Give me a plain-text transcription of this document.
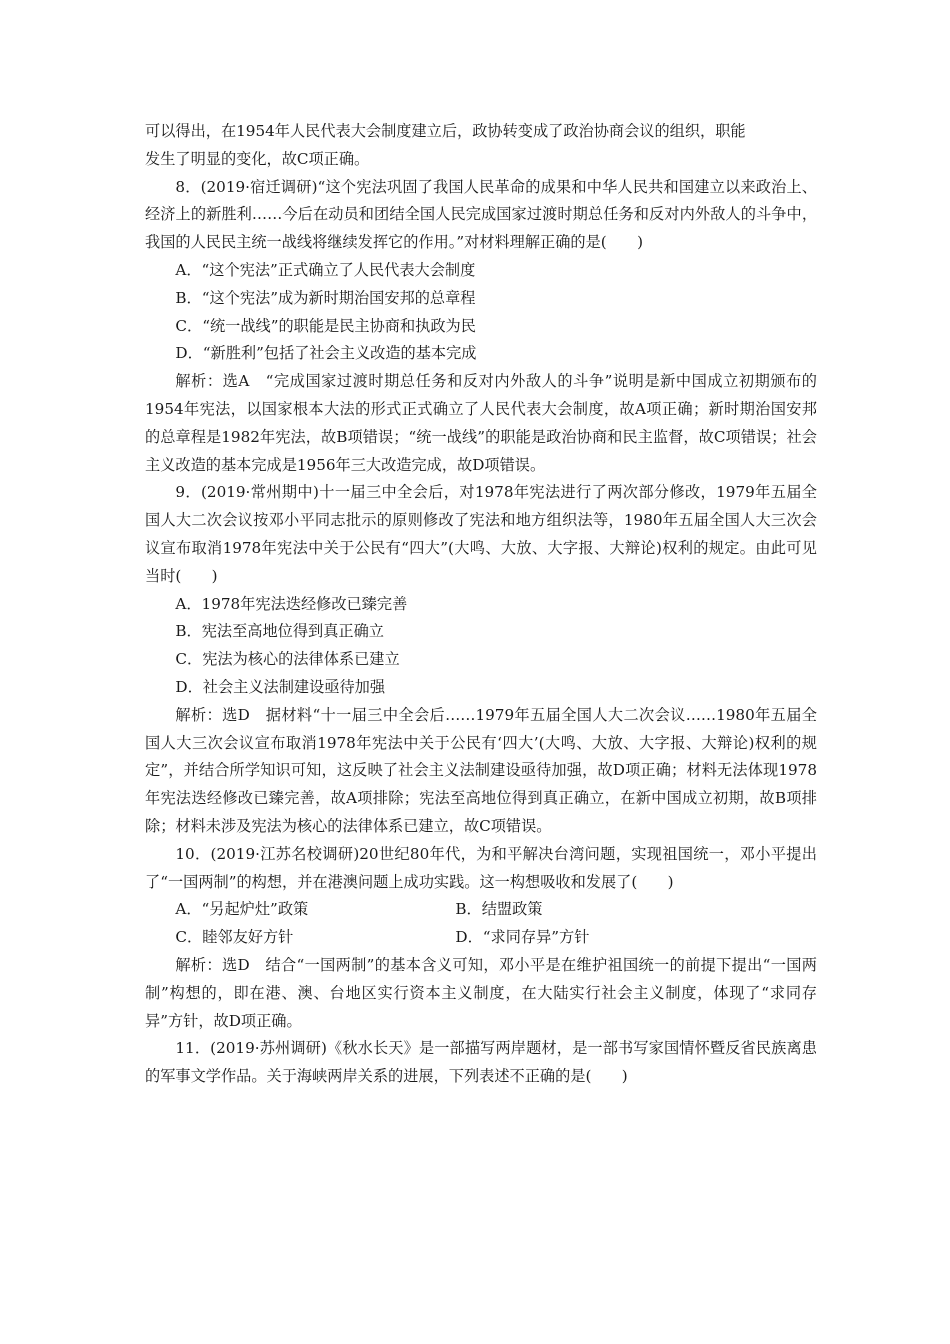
可以得出，在1954年人民代表大会制度建立后，政协转变成了政治协商会议的组织，职能

发生了明显的变化，故C项正确。

8．(2019·宿迁调研)“这个宪法巩固了我国人民革命的成果和中华人民共和国建立以来政治上、经济上的新胜利……今后在动员和团结全国人民完成国家过渡时期总任务和反对内外敌人的斗争中，我国的人民民主统一战线将继续发挥它的作用。”对材料理解正确的是(　　)

A．“这个宪法”正式确立了人民代表大会制度

B．“这个宪法”成为新时期治国安邦的总章程

C．“统一战线”的职能是民主协商和执政为民

D．“新胜利”包括了社会主义改造的基本完成

解析：选A　“完成国家过渡时期总任务和反对内外敌人的斗争”说明是新中国成立初期颁布的1954年宪法，以国家根本大法的形式正式确立了人民代表大会制度，故A项正确；新时期治国安邦的总章程是1982年宪法，故B项错误；“统一战线”的职能是政治协商和民主监督，故C项错误；社会主义改造的基本完成是1956年三大改造完成，故D项错误。

9．(2019·常州期中)十一届三中全会后，对1978年宪法进行了两次部分修改，1979年五届全国人大二次会议按邓小平同志批示的原则修改了宪法和地方组织法等，1980年五届全国人大三次会议宣布取消1978年宪法中关于公民有“四大”(大鸣、大放、大字报、大辩论)权利的规定。由此可见当时(　　)

A．1978年宪法迭经修改已臻完善

B．宪法至高地位得到真正确立

C．宪法为核心的法律体系已建立

D．社会主义法制建设亟待加强

解析：选D　据材料“十一届三中全会后……1979年五届全国人大二次会议……1980年五届全国人大三次会议宣布取消1978年宪法中关于公民有‘四大’(大鸣、大放、大字报、大辩论)权利的规定”，并结合所学知识可知，这反映了社会主义法制建设亟待加强，故D项正确；材料无法体现1978年宪法迭经修改已臻完善，故A项排除；宪法至高地位得到真正确立，在新中国成立初期，故B项排除；材料未涉及宪法为核心的法律体系已建立，故C项错误。

10．(2019·江苏名校调研)20世纪80年代，为和平解决台湾问题，实现祖国统一，邓小平提出了“一国两制”的构想，并在港澳问题上成功实践。这一构想吸收和发展了(　　)

A．“另起炉灶”政策	B．结盟政策
C．睦邻友好方针	D．“求同存异”方针

解析：选D　结合“一国两制”的基本含义可知，邓小平是在维护祖国统一的前提下提出“一国两制”构想的，即在港、澳、台地区实行资本主义制度，在大陆实行社会主义制度，体现了“求同存异”方针，故D项正确。

11．(2019·苏州调研)《秋水长天》是一部描写两岸题材，是一部书写家国情怀暨反省民族离患的军事文学作品。关于海峡两岸关系的进展，下列表述不正确的是(　　)
